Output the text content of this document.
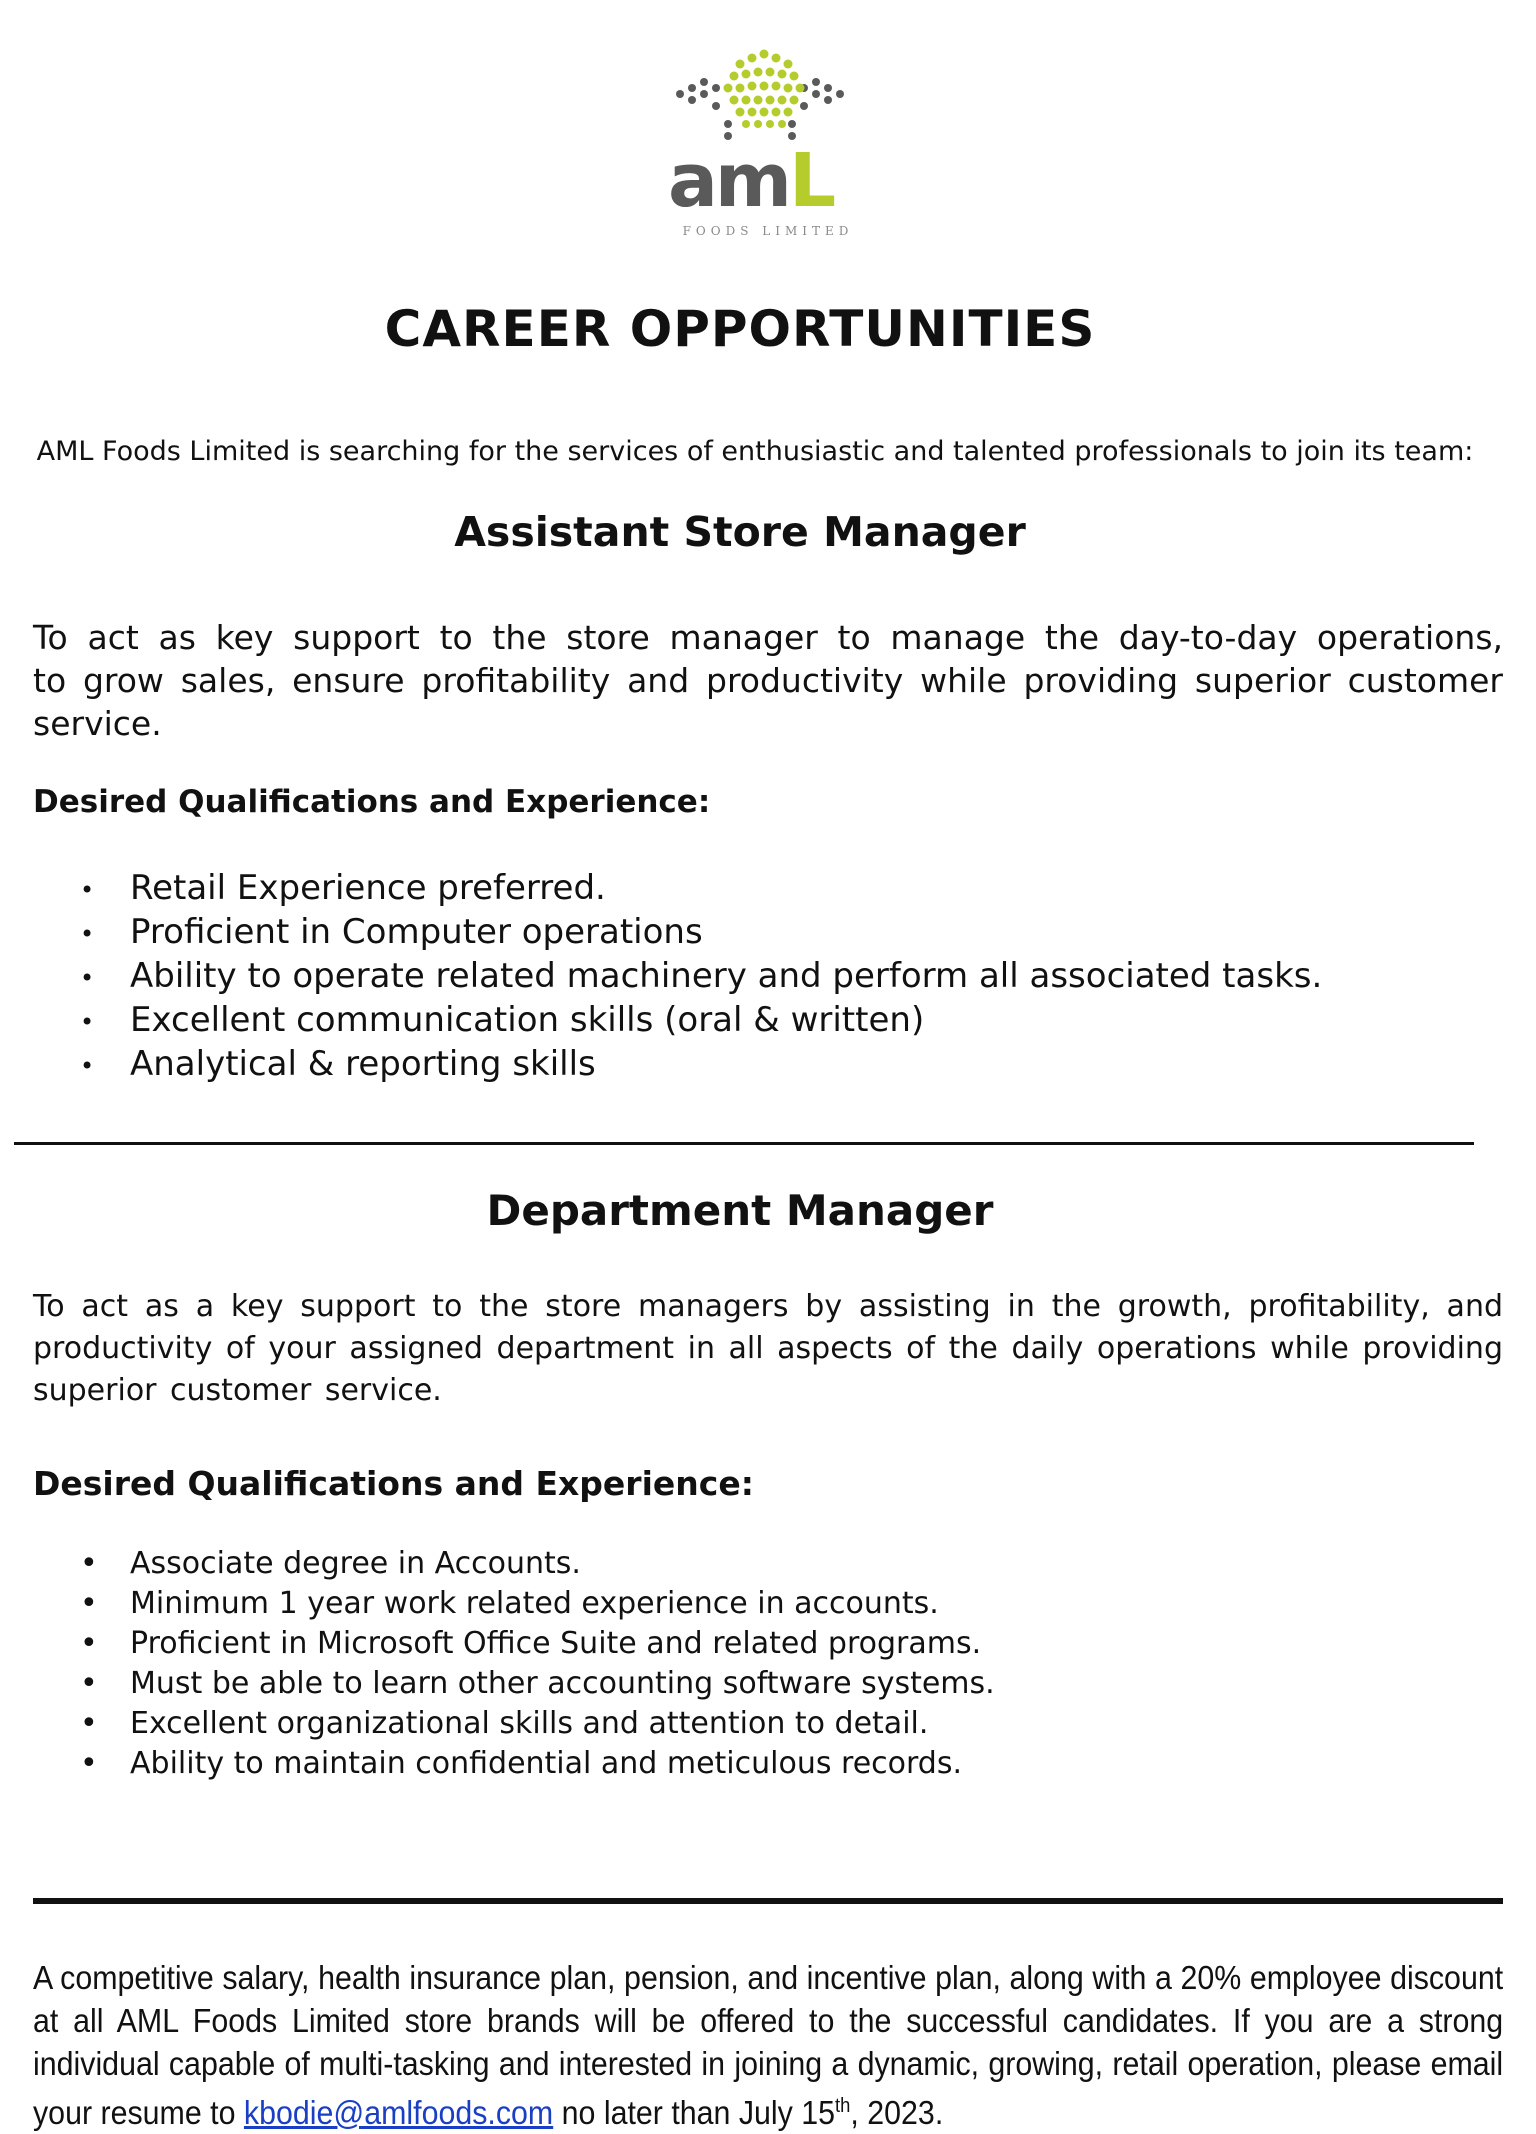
amL
FOODS LIMITED
CAREER OPPORTUNITIES
AML Foods Limited is searching for the services of enthusiastic and talented professionals to join its team:
Assistant Store Manager
To act as key support to the store manager to manage the day-to-day operations, to grow sales, ensure profitability and productivity while providing superior customer service.
Desired Qualifications and Experience:
• Retail Experience preferred.
• Proficient in Computer operations
• Ability to operate related machinery and perform all associated tasks.
• Excellent communication skills (oral & written)
• Analytical & reporting skills
Department Manager
To act as a key support to the store managers by assisting in the growth, profitability, and productivity of your assigned department in all aspects of the daily operations while providing superior customer service.
Desired Qualifications and Experience:
• Associate degree in Accounts.
• Minimum 1 year work related experience in accounts.
• Proficient in Microsoft Office Suite and related programs.
• Must be able to learn other accounting software systems.
• Excellent organizational skills and attention to detail.
• Ability to maintain confidential and meticulous records.
A competitive salary, health insurance plan, pension, and incentive plan, along with a 20% employee discount at all AML Foods Limited store brands will be offered to the successful candidates. If you are a strong individual capable of multi-tasking and interested in joining a dynamic, growing, retail operation, please email your resume to kbodie@amlfoods.com no later than July 15th, 2023.
